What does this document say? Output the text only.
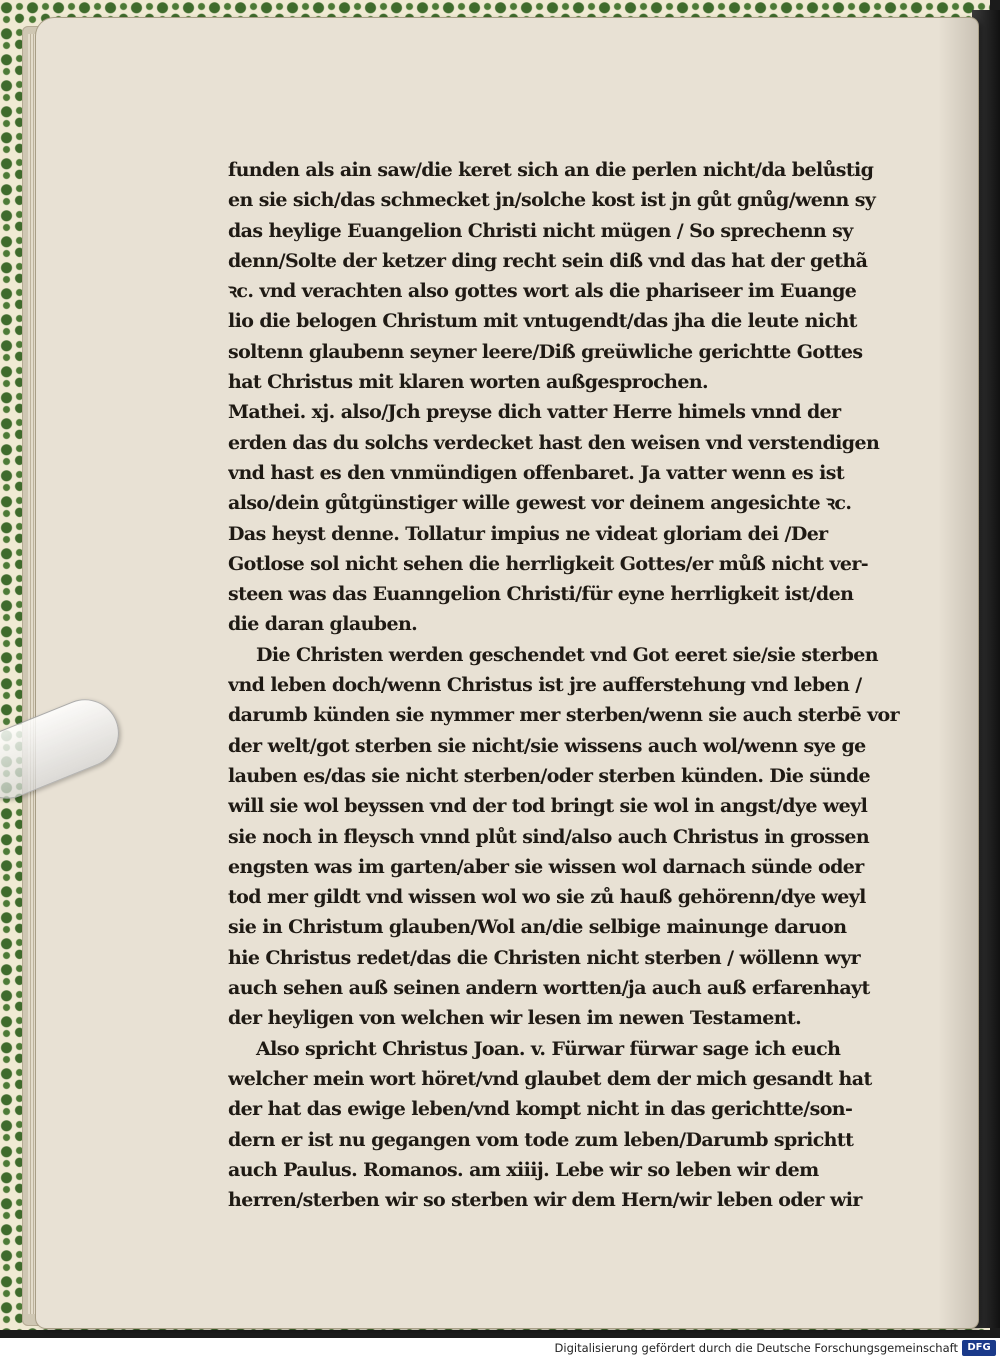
funden als ain saw/die keret sich an die perlen nicht/da belůstig
en sie sich/das schmecket jn/solche kost ist jn gůt gnůg/wenn sy
das heylige Euangelion Christi nicht mügen / So sprechenn sy
denn/Solte der ketzer ding recht sein diß vnd das hat der gethã
ꝛc. vnd verachten also gottes wort als die phariseer im Euange
lio die belogen Christum mit vntugendt/das jha die leute nicht
soltenn glaubenn seyner leere/Diß greüwliche gerichtte Gottes
hat Christus mit klaren worten außgesprochen.
Mathei. xj. also/Jch preyse dich vatter Herre himels vnnd der
erden das du solchs verdecket hast den weisen vnd verstendigen
vnd hast es den vnmündigen offenbaret. Ja vatter wenn es ist
also/dein gůtgünstiger wille gewest vor deinem angesichte ꝛc.
Das heyst denne. Tollatur impius ne videat gloriam dei /Der
Gotlose sol nicht sehen die herrligkeit Gottes/er můß nicht ver-
steen was das Euanngelion Christi/für eyne herrligkeit ist/den
die daran glauben.
Die Christen werden geschendet vnd Got eeret sie/sie sterben
vnd leben doch/wenn Christus ist jre aufferstehung vnd leben /
darumb künden sie nymmer mer sterben/wenn sie auch sterbē vor
der welt/got sterben sie nicht/sie wissens auch wol/wenn sye ge
lauben es/das sie nicht sterben/oder sterben künden. Die sünde
will sie wol beyssen vnd der tod bringt sie wol in angst/dye weyl
sie noch in fleysch vnnd plůt sind/also auch Christus in grossen
engsten was im garten/aber sie wissen wol darnach sünde oder
tod mer gildt vnd wissen wol wo sie zů hauß gehörenn/dye weyl
sie in Christum glauben/Wol an/die selbige mainunge daruon
hie Christus redet/das die Christen nicht sterben / wöllenn wyr
auch sehen auß seinen andern wortten/ja auch auß erfarenhayt
der heyligen von welchen wir lesen im newen Testament.
Also spricht Christus Joan. v. Fürwar fürwar sage ich euch
welcher mein wort höret/vnd glaubet dem der mich gesandt hat
der hat das ewige leben/vnd kompt nicht in das gerichtte/son-
dern er ist nu gegangen vom tode zum leben/Darumb sprichtt
auch Paulus. Romanos. am xiiij. Lebe wir so leben wir dem
herren/sterben wir so sterben wir dem Hern/wir leben oder wir
Digitalisierung gefördert durch die Deutsche Forschungsgemeinschaft DFG
